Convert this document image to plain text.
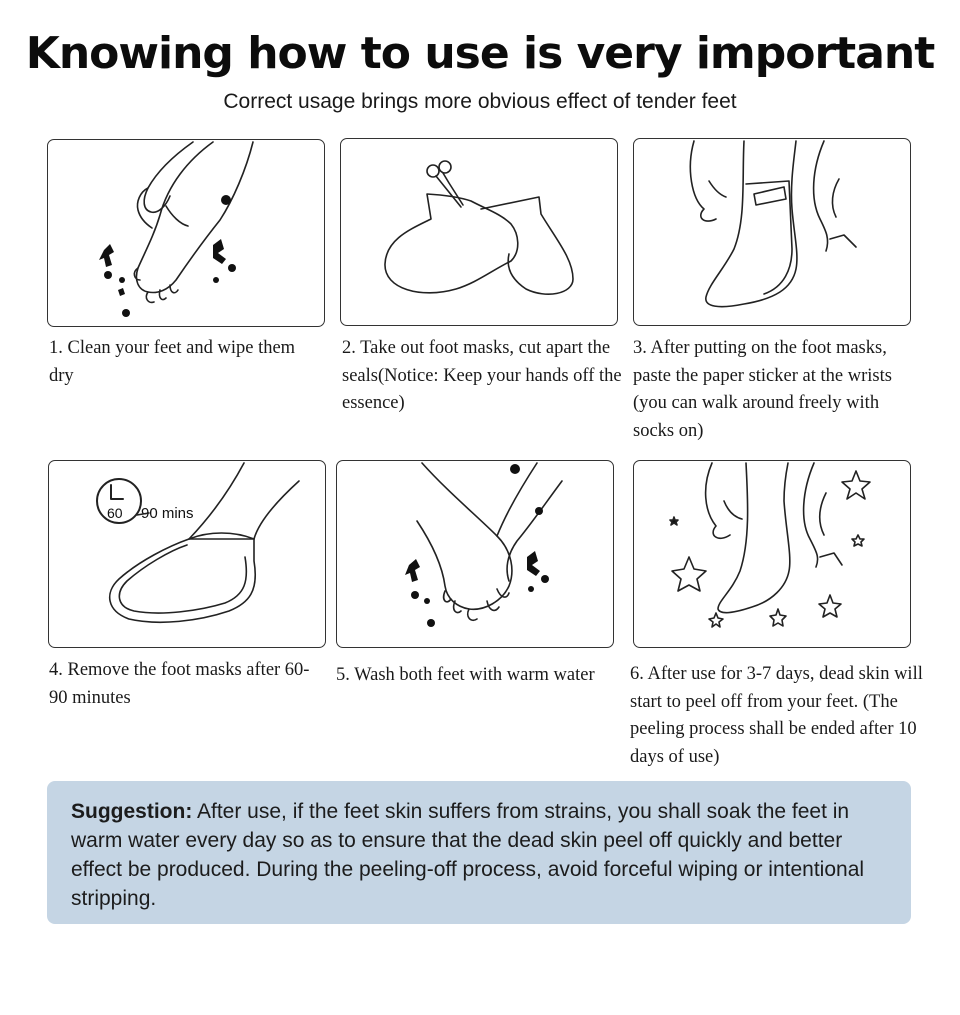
Knowing how to use is very important
Correct usage brings more obvious effect of tender feet
1. Clean your feet and wipe them dry
2. Take out foot masks, cut apart the seals(Notice: Keep your hands off the essence)
3. After putting on the foot masks, paste the paper sticker at the wrists (you can walk around freely with socks on)
60 90 mins
4. Remove the foot masks after 60-90 minutes
5. Wash both feet with warm water	6. After use for 3-7 days, dead skin will start to peel off from your feet. (The peeling process shall be ended after 10 days of use)
Suggestion: After use, if the feet skin suffers from strains, you shall soak the feet in warm water every day so as to ensure that the dead skin peel off quickly and better effect be produced. During the peeling-off process, avoid forceful wiping or intentional stripping.
